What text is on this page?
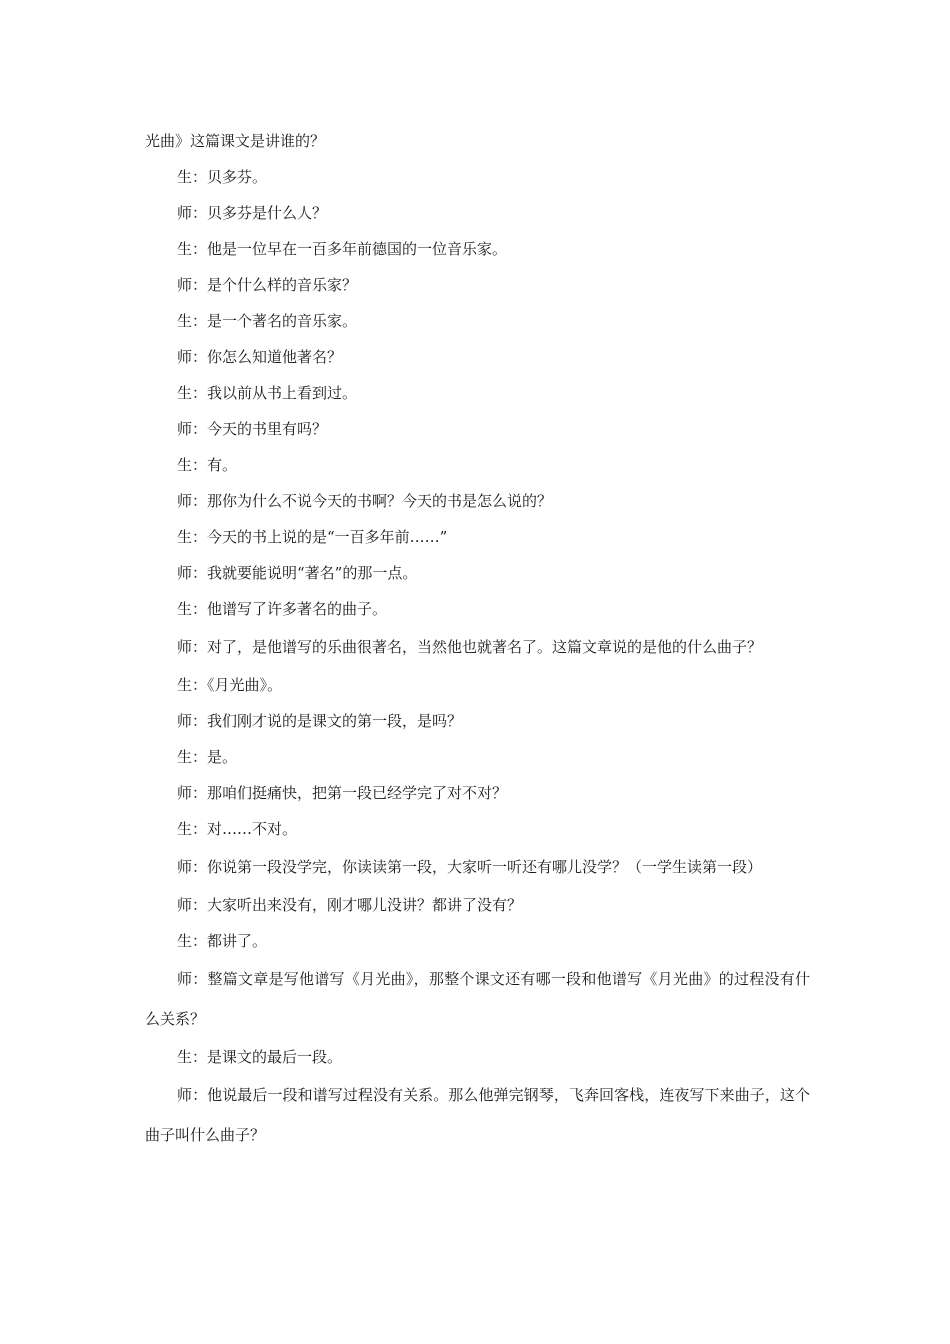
光曲》这篇课文是讲谁的？

生：贝多芬。

师：贝多芬是什么人？

生：他是一位早在一百多年前德国的一位音乐家。

师：是个什么样的音乐家？

生：是一个著名的音乐家。

师：你怎么知道他著名？

生：我以前从书上看到过。

师：今天的书里有吗？

生：有。

师：那你为什么不说今天的书啊？今天的书是怎么说的？

生：今天的书上说的是“一百多年前……”

师：我就要能说明“著名”的那一点。

生：他谱写了许多著名的曲子。

师：对了，是他谱写的乐曲很著名，当然他也就著名了。这篇文章说的是他的什么曲子？

生：《月光曲》。

师：我们刚才说的是课文的第一段，是吗？

生：是。

师：那咱们挺痛快，把第一段已经学完了对不对？

生：对……不对。

师：你说第一段没学完，你读读第一段，大家听一听还有哪儿没学？（一学生读第一段）

师：大家听出来没有，刚才哪儿没讲？都讲了没有？

生：都讲了。

师：整篇文章是写他谱写《月光曲》，那整个课文还有哪一段和他谱写《月光曲》的过程没有什么关系？

生：是课文的最后一段。

师：他说最后一段和谱写过程没有关系。那么他弹完钢琴，飞奔回客栈，连夜写下来曲子，这个曲子叫什么曲子？
